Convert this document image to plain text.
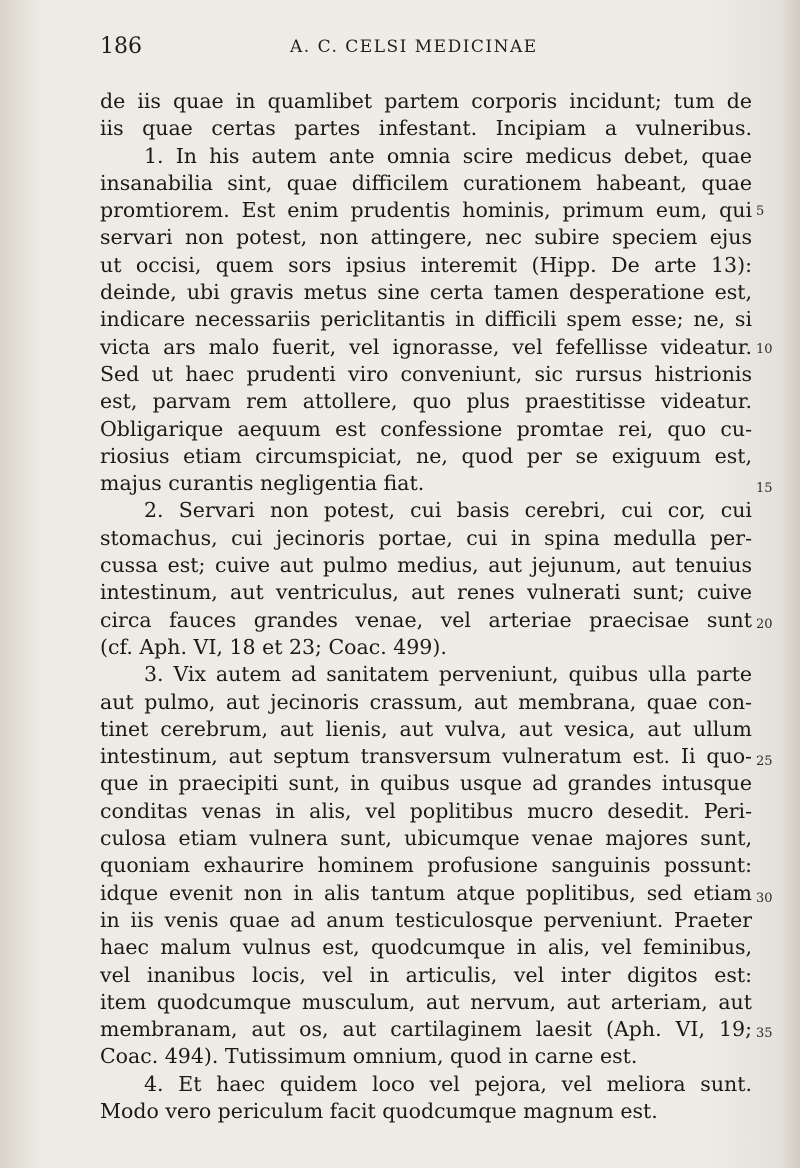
186	A. C. CELSI MEDICINAE
de iis quae in quamlibet partem corporis incidunt; tum de
iis quae certas partes infestant. Incipiam a vulneribus.
1. In his autem ante omnia scire medicus debet, quae
insanabilia sint, quae difficilem curationem habeant, quae
promtiorem. Est enim prudentis hominis, primum eum, qui
servari non potest, non attingere, nec subire speciem ejus
ut occisi, quem sors ipsius interemit (Hipp. De arte 13):
deinde, ubi gravis metus sine certa tamen desperatione est,
indicare necessariis periclitantis in difficili spem esse; ne, si
victa ars malo fuerit, vel ignorasse, vel fefellisse videatur.
Sed ut haec prudenti viro conveniunt, sic rursus histrionis
est, parvam rem attollere, quo plus praestitisse videatur.
Obligarique aequum est confessione promtae rei, quo cu-
riosius etiam circumspiciat, ne, quod per se exiguum est,
majus curantis negligentia fiat.
2. Servari non potest, cui basis cerebri, cui cor, cui
stomachus, cui jecinoris portae, cui in spina medulla per-
cussa est; cuive aut pulmo medius, aut jejunum, aut tenuius
intestinum, aut ventriculus, aut renes vulnerati sunt; cuive
circa fauces grandes venae, vel arteriae praecisae sunt
(cf. Aph. VI, 18 et 23; Coac. 499).
3. Vix autem ad sanitatem perveniunt, quibus ulla parte
aut pulmo, aut jecinoris crassum, aut membrana, quae con-
tinet cerebrum, aut lienis, aut vulva, aut vesica, aut ullum
intestinum, aut septum transversum vulneratum est. Ii quo-
que in praecipiti sunt, in quibus usque ad grandes intusque
conditas venas in alis, vel poplitibus mucro desedit. Peri-
culosa etiam vulnera sunt, ubicumque venae majores sunt,
quoniam exhaurire hominem profusione sanguinis possunt:
idque evenit non in alis tantum atque poplitibus, sed etiam
in iis venis quae ad anum testiculosque perveniunt. Praeter
haec malum vulnus est, quodcumque in alis, vel feminibus,
vel inanibus locis, vel in articulis, vel inter digitos est:
item quodcumque musculum, aut nervum, aut arteriam, aut
membranam, aut os, aut cartilaginem laesit (Aph. VI, 19;
Coac. 494). Tutissimum omnium, quod in carne est.
4. Et haec quidem loco vel pejora, vel meliora sunt.
Modo vero periculum facit quodcumque magnum est.
5
10
15
20
25
30
35
